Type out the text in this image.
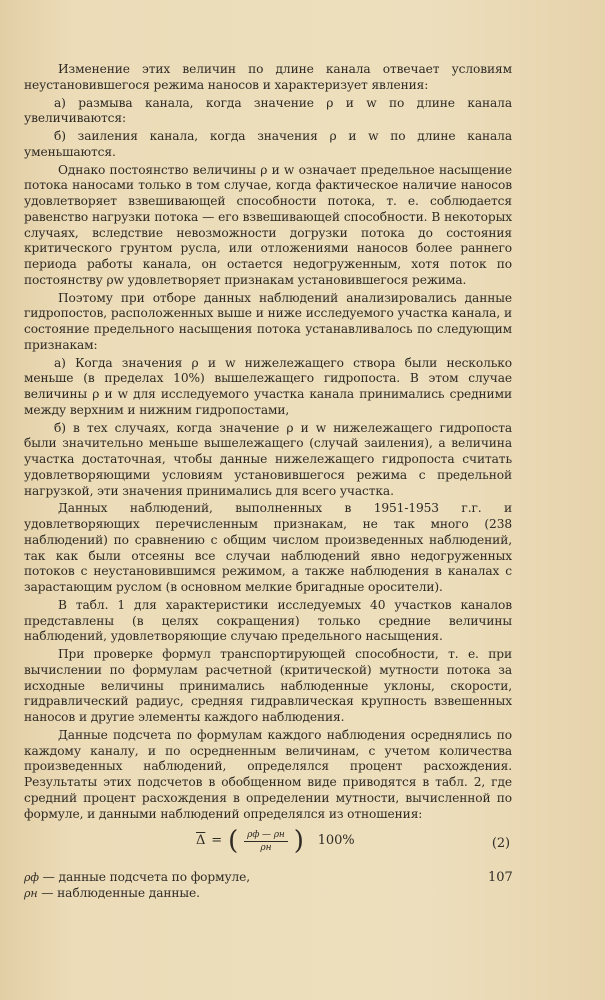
Изменение этих величин по длине канала отвечает условиям неустановившегося режима наносов и характеризует явления:

а) размыва канала, когда значение ρ и w по длине канала увеличиваются:

б) заиления канала, когда значения ρ и w по длине канала уменьшаются.

Однако постоянство величины ρ и w означает предельное насыщение потока наносами только в том случае, когда фактическое наличие наносов удовлетворяет взвешивающей способности потока, т. е. соблюдается равенство нагрузки потока — его взвешивающей способности. В некоторых случаях, вследствие невозможности догрузки потока до состояния критического грунтом русла, или отложениями наносов более раннего периода работы канала, он остается недогруженным, хотя поток по постоянству ρw удовлетворяет признакам установившегося режима.

Поэтому при отборе данных наблюдений анализировались данные гидропостов, расположенных выше и ниже исследуемого участка канала, и состояние предельного насыщения потока устанавливалось по следующим признакам:

а) Когда значения ρ и w нижележащего створа были несколько меньше (в пределах 10%) вышележащего гидропоста. В этом случае величины ρ и w для исследуемого участка канала принимались средними между верхним и нижним гидропостами,

б) в тех случаях, когда значение ρ и w нижележащего гидропоста были значительно меньше вышележащего (случай заиления), а величина участка достаточная, чтобы данные нижележащего гидропоста считать удовлетворяющими условиям установившегося режима с предельной нагрузкой, эти значения принимались для всего участка.

Данных наблюдений, выполненных в 1951-1953 г.г. и удовлетворяющих перечисленным признакам, не так много (238 наблюдений) по сравнению с общим числом произведенных наблюдений, так как были отсеяны все случаи наблюдений явно недогруженных потоков с неустановившимся режимом, а также наблюдения в каналах с зарастающим руслом (в основном мелкие бригадные оросители).

В табл. 1 для характеристики исследуемых 40 участков каналов представлены (в целях сокращения) только средние величины наблюдений, удовлетворяющие случаю предельного насыщения.

При проверке формул транспортирующей способности, т. е. при вычислении по формулам расчетной (критической) мутности потока за исходные величины принимались наблюденные уклоны, скорости, гидравлический радиус, средняя гидравлическая крупность взвешенных наносов и другие элементы каждого наблюдения.

Данные подсчета по формулам каждого наблюдения осреднялись по каждому каналу, и по осредненным величинам, с учетом количества произведенных наблюдений, определялся процент расхождения. Результаты этих подсчетов в обобщенном виде приводятся в табл. 2, где средний процент расхождения в определении мутности, вычисленной по формуле, и данными наблюдений определялся из отношения:

$\overline{\Delta}$ = ( $\frac{\rho ф — \rho н}{\rho н}$ ) 100%	(2)
ρф — данные подсчета по формуле,
ρн — наблюденные данные.
107
